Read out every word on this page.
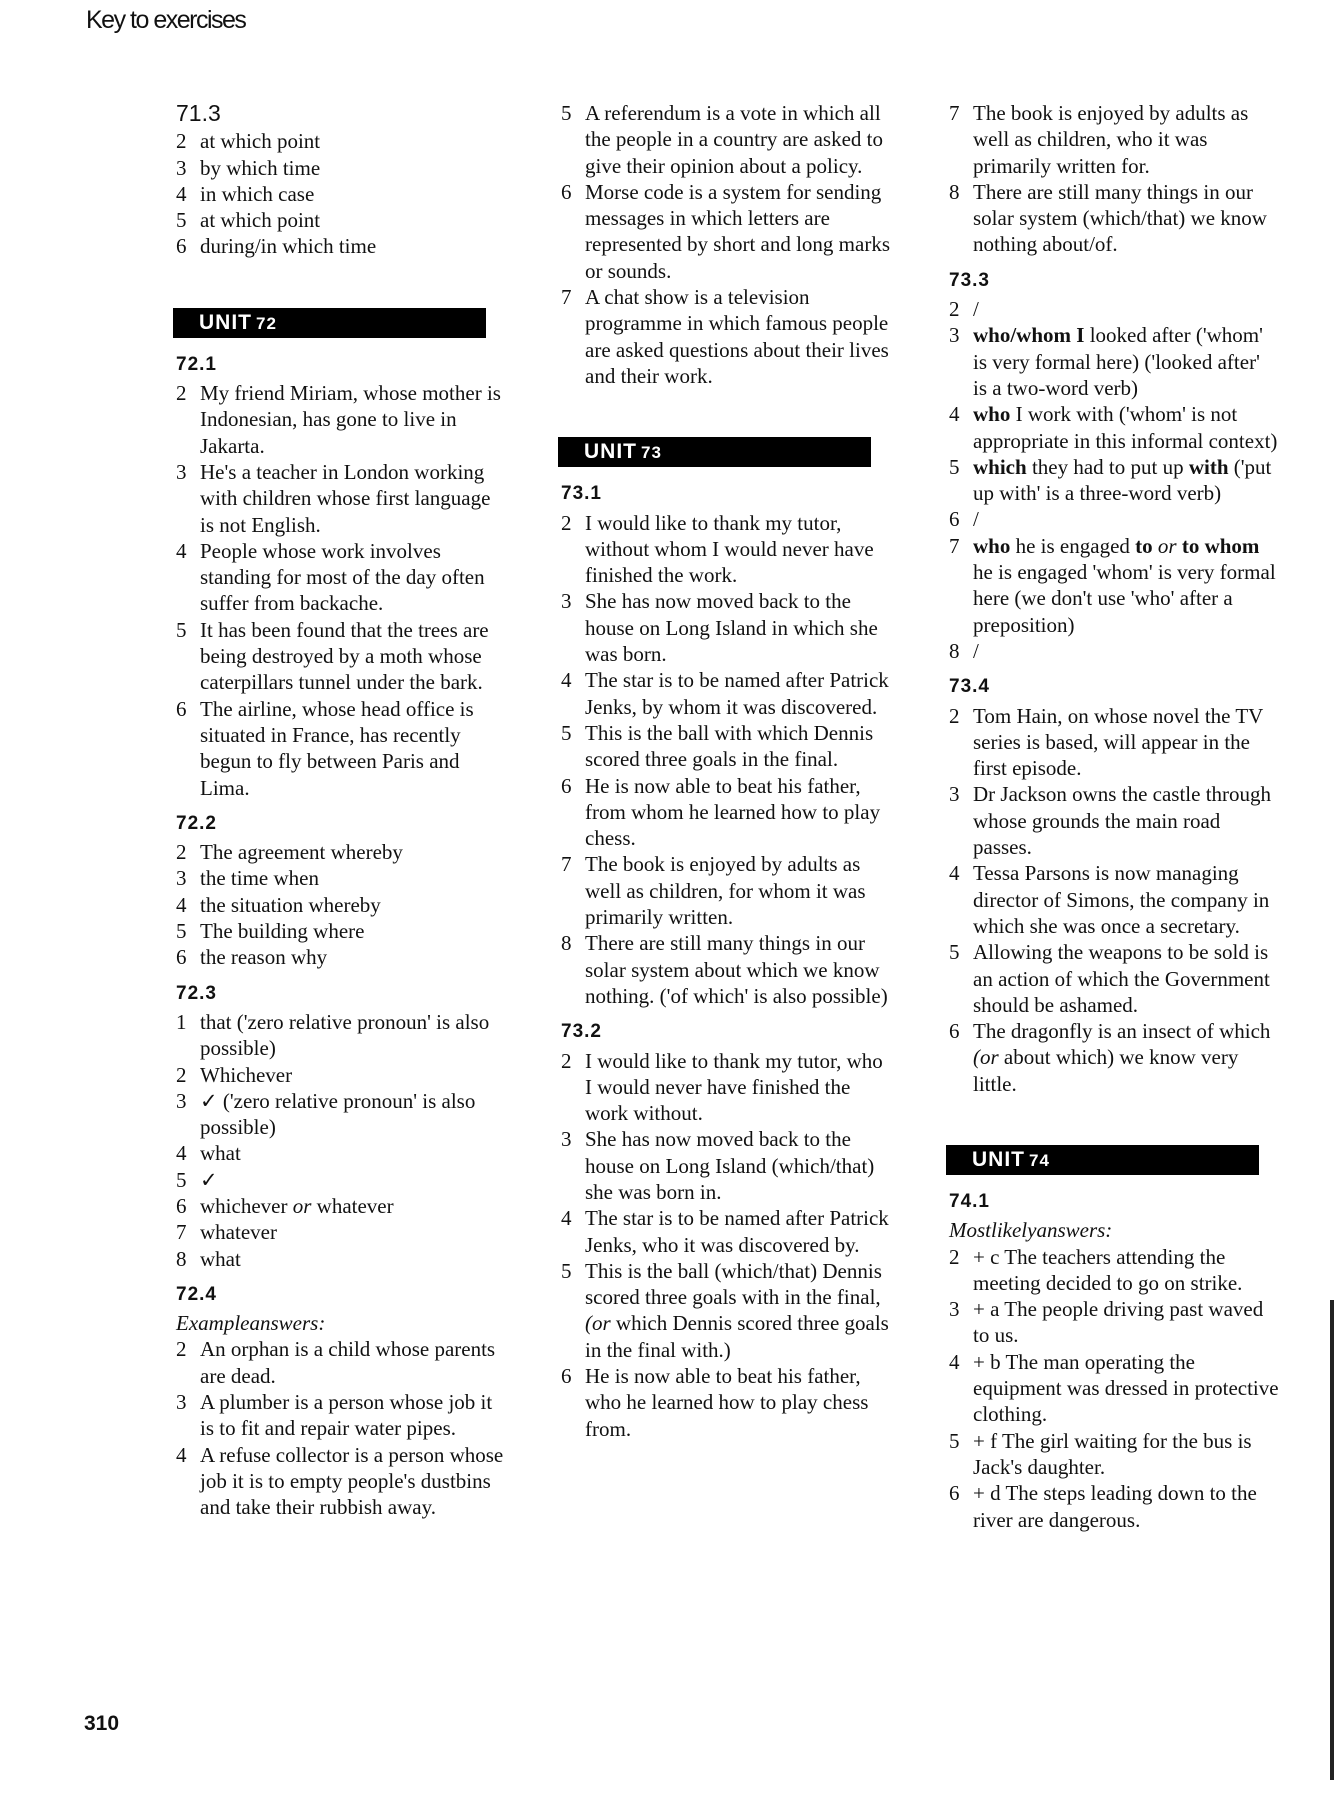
Key to exercises
71.3
2 at which point
3 by which time
4 in which case
5 at which point
6 during/in which time
UNIT 72
72.1
2 My friend Miriam, whose mother is Indonesian, has gone to live in Jakarta.
3 He's a teacher in London working with children whose first language is not English.
4 People whose work involves standing for most of the day often suffer from backache.
5 It has been found that the trees are being destroyed by a moth whose caterpillars tunnel under the bark.
6 The airline, whose head office is situated in France, has recently begun to fly between Paris and Lima.
72.2
2 The agreement whereby
3 the time when
4 the situation whereby
5 The building where
6 the reason why
72.3
1 that ('zero relative pronoun' is also possible)
2 Whichever
3 ✓ ('zero relative pronoun' is also possible)
4 what
5 ✓
6 whichever or whatever
7 whatever
8 what
72.4
Exampleanswers:
2 An orphan is a child whose parents are dead.
3 A plumber is a person whose job it is to fit and repair water pipes.
4 A refuse collector is a person whose job it is to empty people's dustbins and take their rubbish away.
5 A referendum is a vote in which all the people in a country are asked to give their opinion about a policy.
6 Morse code is a system for sending messages in which letters are represented by short and long marks or sounds.
7 A chat show is a television programme in which famous people are asked questions about their lives and their work.
UNIT 73
73.1
2 I would like to thank my tutor, without whom I would never have finished the work.
3 She has now moved back to the house on Long Island in which she was born.
4 The star is to be named after Patrick Jenks, by whom it was discovered.
5 This is the ball with which Dennis scored three goals in the final.
6 He is now able to beat his father, from whom he learned how to play chess.
7 The book is enjoyed by adults as well as children, for whom it was primarily written.
8 There are still many things in our solar system about which we know nothing. ('of which' is also possible)
73.2
2 I would like to thank my tutor, who I would never have finished the work without.
3 She has now moved back to the house on Long Island (which/that) she was born in.
4 The star is to be named after Patrick Jenks, who it was discovered by.
5 This is the ball (which/that) Dennis scored three goals with in the final, (or which Dennis scored three goals in the final with.)
6 He is now able to beat his father, who he learned how to play chess from.
7 The book is enjoyed by adults as well as children, who it was primarily written for.
8 There are still many things in our solar system (which/that) we know nothing about/of.
73.3
2 /
3 who/whom I looked after ('whom' is very formal here) ('looked after' is a two-word verb)
4 who I work with ('whom' is not appropriate in this informal context)
5 which they had to put up with ('put up with' is a three-word verb)
6 /
7 who he is engaged to or to whom he is engaged 'whom' is very formal here (we don't use 'who' after a preposition)
8 /
73.4
2 Tom Hain, on whose novel the TV series is based, will appear in the first episode.
3 Dr Jackson owns the castle through whose grounds the main road passes.
4 Tessa Parsons is now managing director of Simons, the company in which she was once a secretary.
5 Allowing the weapons to be sold is an action of which the Government should be ashamed.
6 The dragonfly is an insect of which (or about which) we know very little.
UNIT 74
74.1
Mostlikelyanswers:
2 + c The teachers attending the meeting decided to go on strike.
3 + a The people driving past waved to us.
4 + b The man operating the equipment was dressed in protective clothing.
5 + f The girl waiting for the bus is Jack's daughter.
6 + d The steps leading down to the river are dangerous.
310
